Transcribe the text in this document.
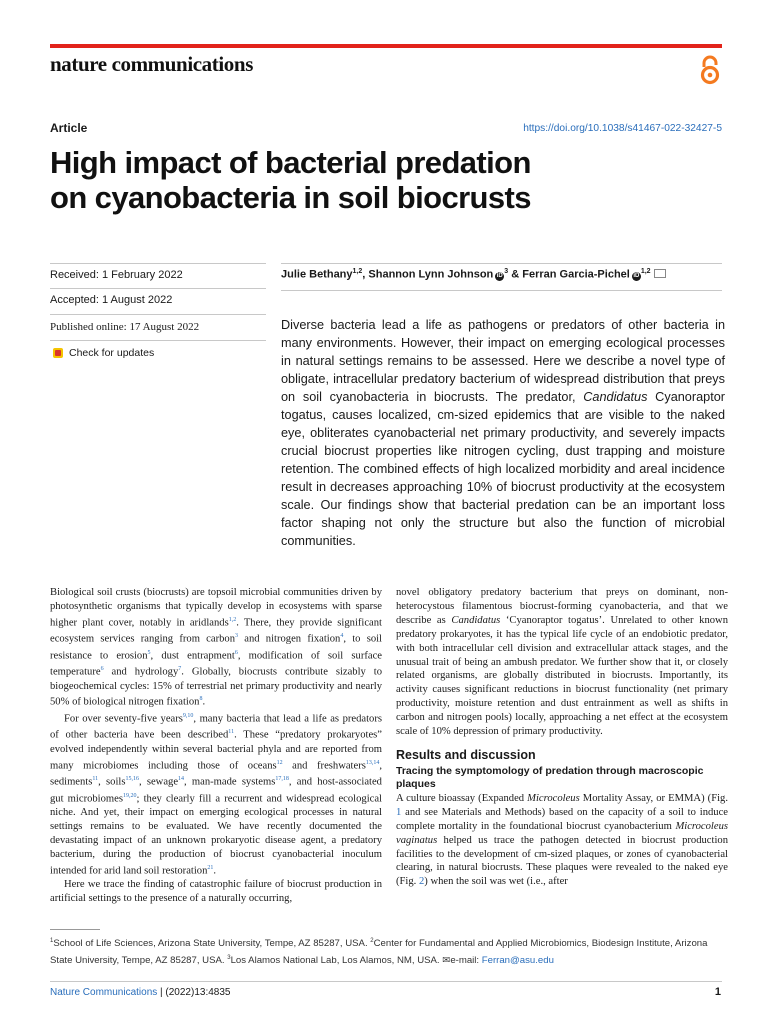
nature communications
Article	https://doi.org/10.1038/s41467-022-32427-5
High impact of bacterial predation
on cyanobacteria in soil biocrusts
Received: 1 February 2022
Accepted: 1 August 2022
Published online: 17 August 2022
Check for updates
Julie Bethany$^{1,2}$, Shannon Lynn Johnson $iD^3$ & Ferran Garcia-Pichel iD$^{1,2}$

Diverse bacteria lead a life as pathogens or predators of other bacteria in many environments. However, their impact on emerging ecological processes in natural settings remains to be assessed. Here we describe a novel type of obligate, intracellular predatory bacterium of widespread distribution that preys on soil cyanobacteria in biocrusts. The predator, Candidatus Cyanoraptor togatus, causes localized, cm-sized epidemics that are visible to the naked eye, obliterates cyanobacterial net primary productivity, and severely impacts crucial biocrust properties like nitrogen cycling, dust trapping and moisture retention. The combined effects of high localized morbidity and areal incidence result in decreases approaching 10% of biocrust productivity at the ecosystem scale. Our findings show that bacterial predation can be an important loss factor shaping not only the structure but also the function of microbial communities.

Biological soil crusts (biocrusts) are topsoil microbial communities driven by photosynthetic organisms that typically develop in ecosystems with sparse higher plant cover, notably in aridlands$^{1,2}$. There, they provide significant ecosystem services ranging from carbon$^3$ and nitrogen fixation$^4$, to soil resistance to erosion$^5$, dust entrapment$^6$, modification of soil surface temperature$^6$ and hydrology$^7$. Globally, biocrusts contribute sizably to biogeochemical cycles: 15% of terrestrial net primary productivity and nearly 50% of biological nitrogen fixation$^8$.

For over seventy-five years$^{9,10}$, many bacteria that lead a life as predators of other bacteria have been described$^{11}$. These “predatory prokaryotes” evolved independently within several bacterial phyla and are reported from many microbiomes including those of oceans$^{12}$ and freshwaters$^{13,14}$, sediments$^{11}$, soils$^{15,16}$, sewage$^{14}$, man-made systems$^{17,18}$, and host-associated gut microbiomes$^{19,20}$; they clearly fill a recurrent and widespread ecological niche. And yet, their impact on emerging ecological processes in natural settings remains to be evaluated. We have recently documented the devastating impact of an unknown prokaryotic disease agent, a predatory bacterium, during the production of biocrust cyanobacterial inoculum intended for arid land soil restoration$^{21}$.

Here we trace the finding of catastrophic failure of biocrust production in artificial settings to the presence of a naturally occurring,

novel obligatory predatory bacterium that preys on dominant, non-heterocystous filamentous biocrust-forming cyanobacteria, and that we describe as Candidatus ‘Cyanoraptor togatus’. Unrelated to other known predatory prokaryotes, it has the typical life cycle of an endobiotic predator, with both intracellular cell division and extracellular attack stages, and the unusual trait of being an ambush predator. We further show that it, or closely related organisms, are globally distributed in biocrusts. Importantly, its activity causes significant reductions in biocrust functionality (net primary productivity, moisture retention and dust entrainment as well as shifts in carbon and nitrogen pools) locally, approaching a net effect at the ecosystem scale of 10% depression of primary productivity.

Results and discussion
Tracing the symptomology of predation through macroscopic plaques

A culture bioassay (Expanded Microcoleus Mortality Assay, or EMMA) (Fig. 1 and see Materials and Methods) based on the capacity of a soil to induce complete mortality in the foundational biocrust cyanobacterium Microcoleus vaginatus helped us trace the pathogen detected in biocrust production facilities to the development of cm-sized plaques, or zones of cyanobacterial clearing, in natural biocrusts. These plaques were revealed to the naked eye (Fig. 2) when the soil was wet (i.e., after

$^1$School of Life Sciences, Arizona State University, Tempe, AZ 85287, USA. $^2$Center for Fundamental and Applied Microbiomics, Biodesign Institute, Arizona State University, Tempe, AZ 85287, USA. $^3$Los Alamos National Lab, Los Alamos, NM, USA. ✉e-mail: Ferran@asu.edu

Nature Communications | (2022)13:4835	1
